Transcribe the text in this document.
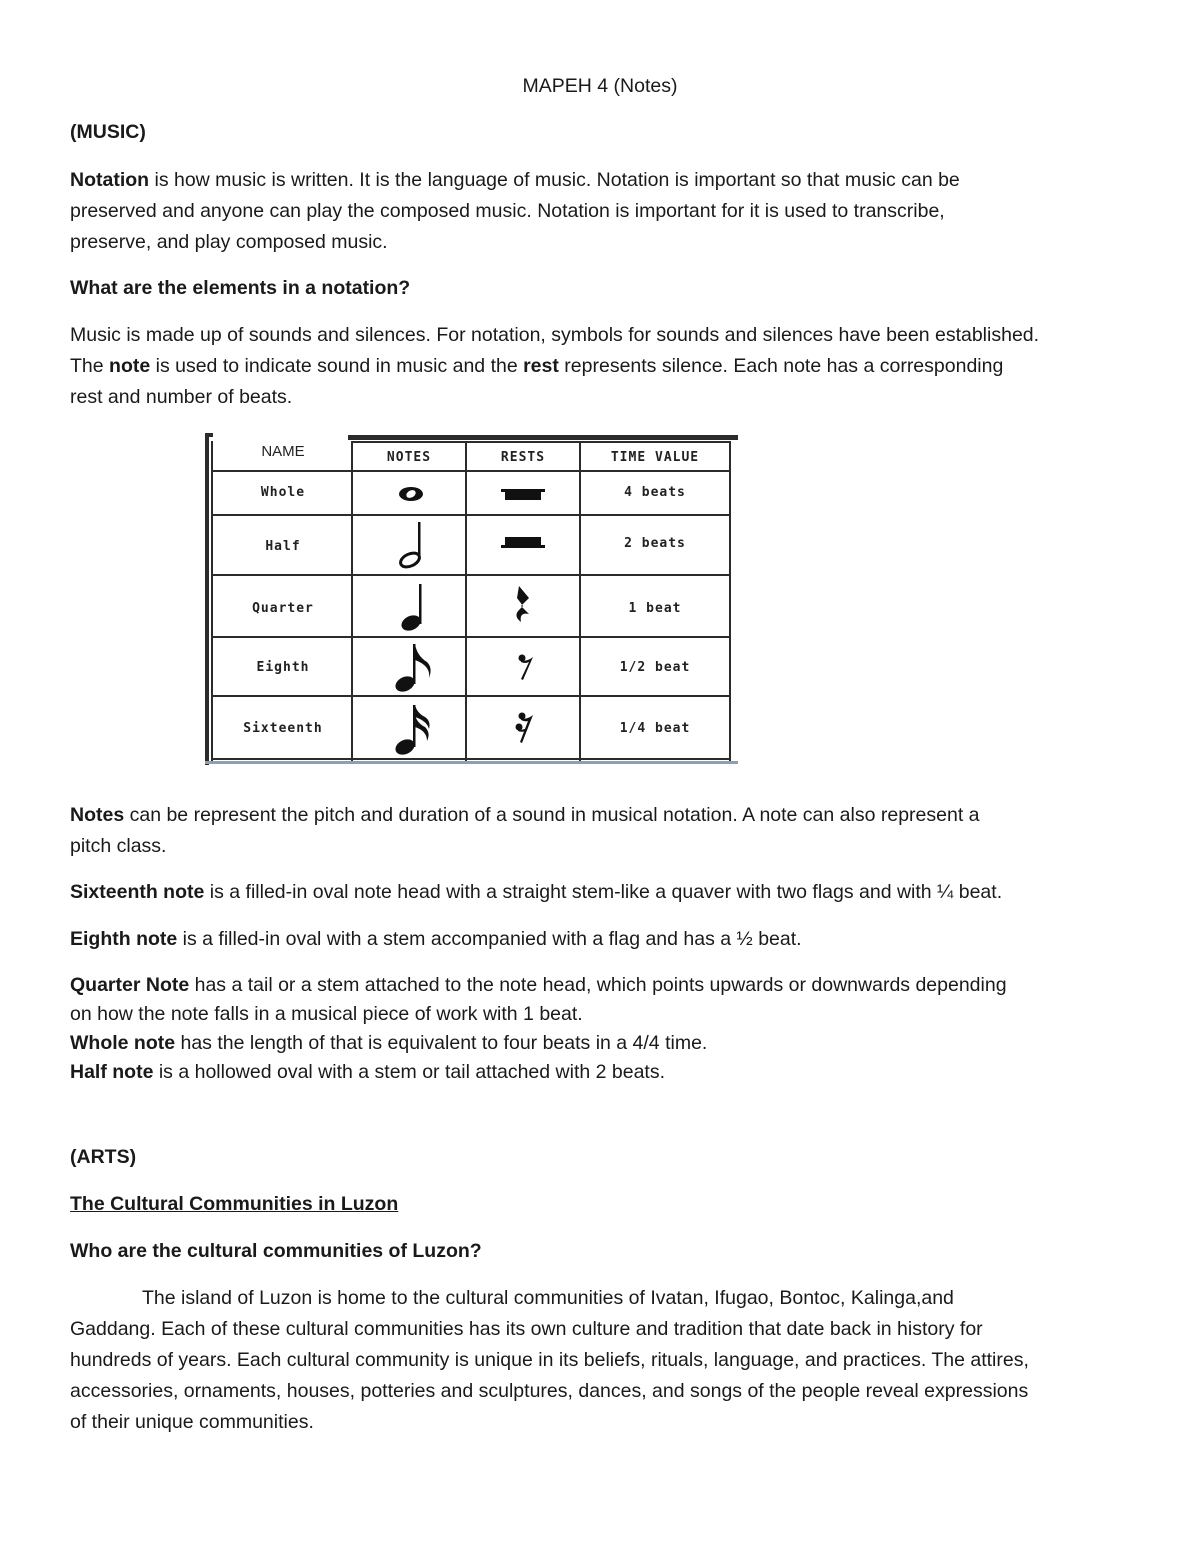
MAPEH 4 (Notes)
(MUSIC)
Notation is how music is written. It is the language of music. Notation is important so that music can be
preserved and anyone can play the composed music. Notation is important for it is used to transcribe,
preserve, and play composed music.
What are the elements in a notation?
Music is made up of sounds and silences. For notation, symbols for sounds and silences have been established.
The note is used to indicate sound in music and the rest represents silence. Each note has a corresponding
rest and number of beats.
NAME	NOTES	RESTS	TIME VALUE
Whole	4 beats
Half	2 beats
Quarter	1 beat
Eighth	1/2 beat
Sixteenth	1/4 beat
Notes can be represent the pitch and duration of a sound in musical notation. A note can also represent a
pitch class.
Sixteenth note is a filled-in oval note head with a straight stem-like a quaver with two flags and with ¼ beat.
Eighth note is a filled-in oval with a stem accompanied with a flag and has a ½ beat.
Quarter Note has a tail or a stem attached to the note head, which points upwards or downwards depending
on how the note falls in a musical piece of work with 1 beat.
Whole note has the length of that is equivalent to four beats in a 4/4 time.
Half note is a hollowed oval with a stem or tail attached with 2 beats.
(ARTS)
The Cultural Communities in Luzon
Who are the cultural communities of Luzon?
The island of Luzon is home to the cultural communities of Ivatan, Ifugao, Bontoc, Kalinga,and
Gaddang. Each of these cultural communities has its own culture and tradition that date back in history for
hundreds of years. Each cultural community is unique in its beliefs, rituals, language, and practices. The attires,
accessories, ornaments, houses, potteries and sculptures, dances, and songs of the people reveal expressions
of their unique communities.
